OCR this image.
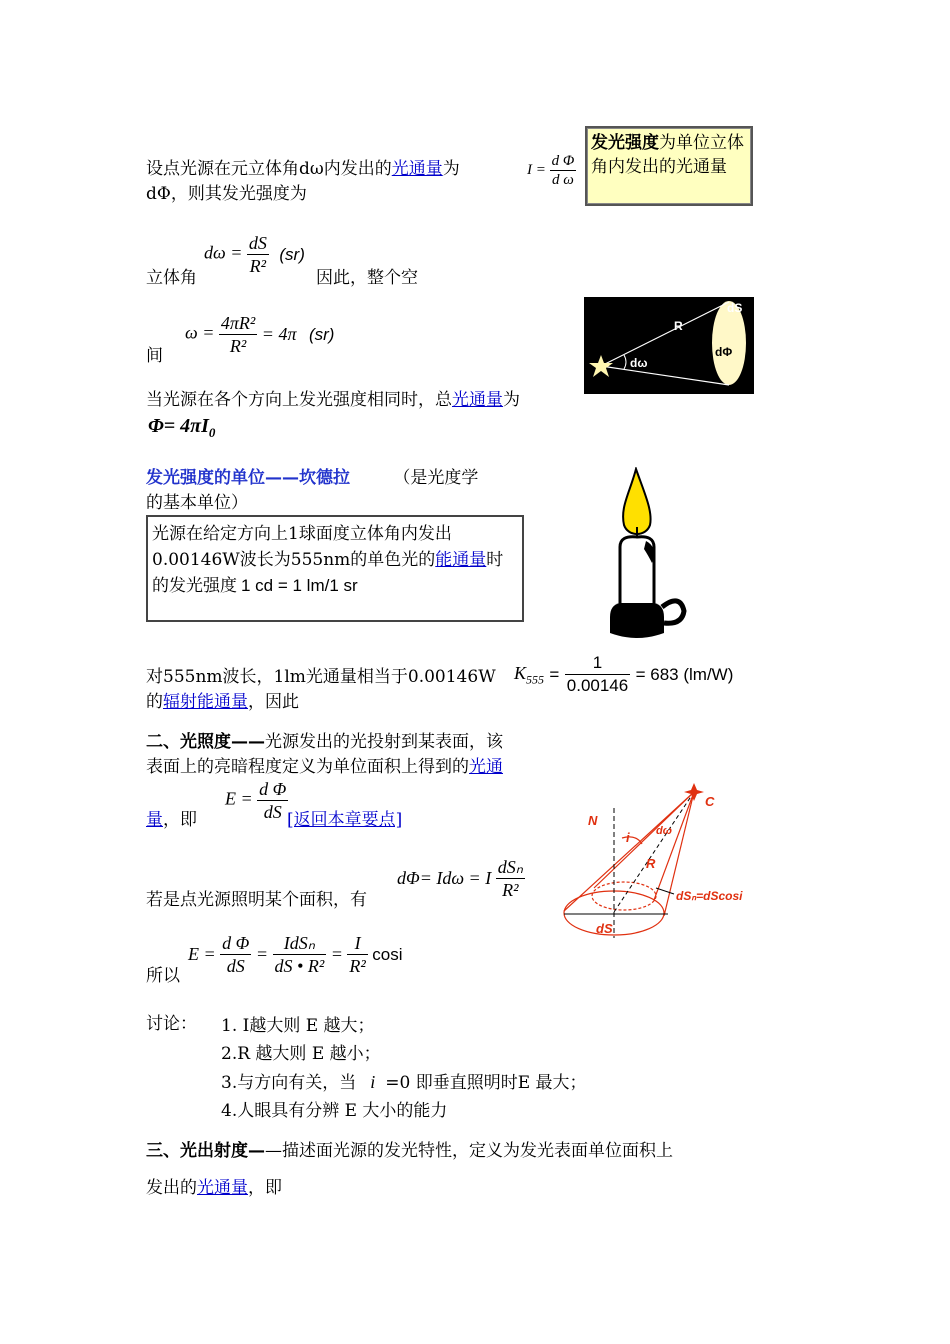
设点光源在元立体角dω内发出的光通量为
dΦ，则其发光强度为
$I = \frac{\text{d Φ}}{\text{d ω}}$
发光强度为单位立体角内发出的光通量
立体角
$d\omega = \frac{dS}{\text{R²}} (sr)$
因此，整个空
间
$\omega = \frac{\text{4πR²}}{\text{R²}} = 4\pi$ (sr)
dS
R
dΦ
dω
当光源在各个方向上发光强度相同时，总光通量为
$\Phi= 4\pi I_0$
发光强度的单位——坎德拉	（是光度学
的基本单位）
光源在给定方向上1球面度立体角内发出
0.00146W波长为555nm的单色光的能通量时
的发光强度 1 cd = 1 lm/1 sr
对555nm波长，1lm光通量相当于0.00146W
的辐射能通量，因此
$K_{555} = \frac{1}{0.00146} = 683$ (lm/W)
二、光照度——光源发出的光投射到某表面，该
表面上的亮暗程度定义为单位面积上得到的光通
量，即
$E = \frac{\text{d Φ}}{dS}$
[返回本章要点]
若是点光源照明某个面积，有
dΦ= Idω = I $\frac{\text{dSₙ}}{\text{R²}}$
所以
$E = \frac{\text{d Φ}}{dS} = \frac{\text{IdSₙ}}{\text{dS • R²}} = \frac{I}{\text{R²}}$ cosi
C
N
i dω
R
dSₙ=dScosi
dS
讨论： 1. I越大则 E 越大；
2.R 越大则 E 越小；
3.与方向有关，当 i =0 即垂直照明时E 最大；
4.人眼具有分辨 E 大小的能力
三、光出射度——描述面光源的发光特性，定义为发光表面单位面积上
发出的光通量，即
